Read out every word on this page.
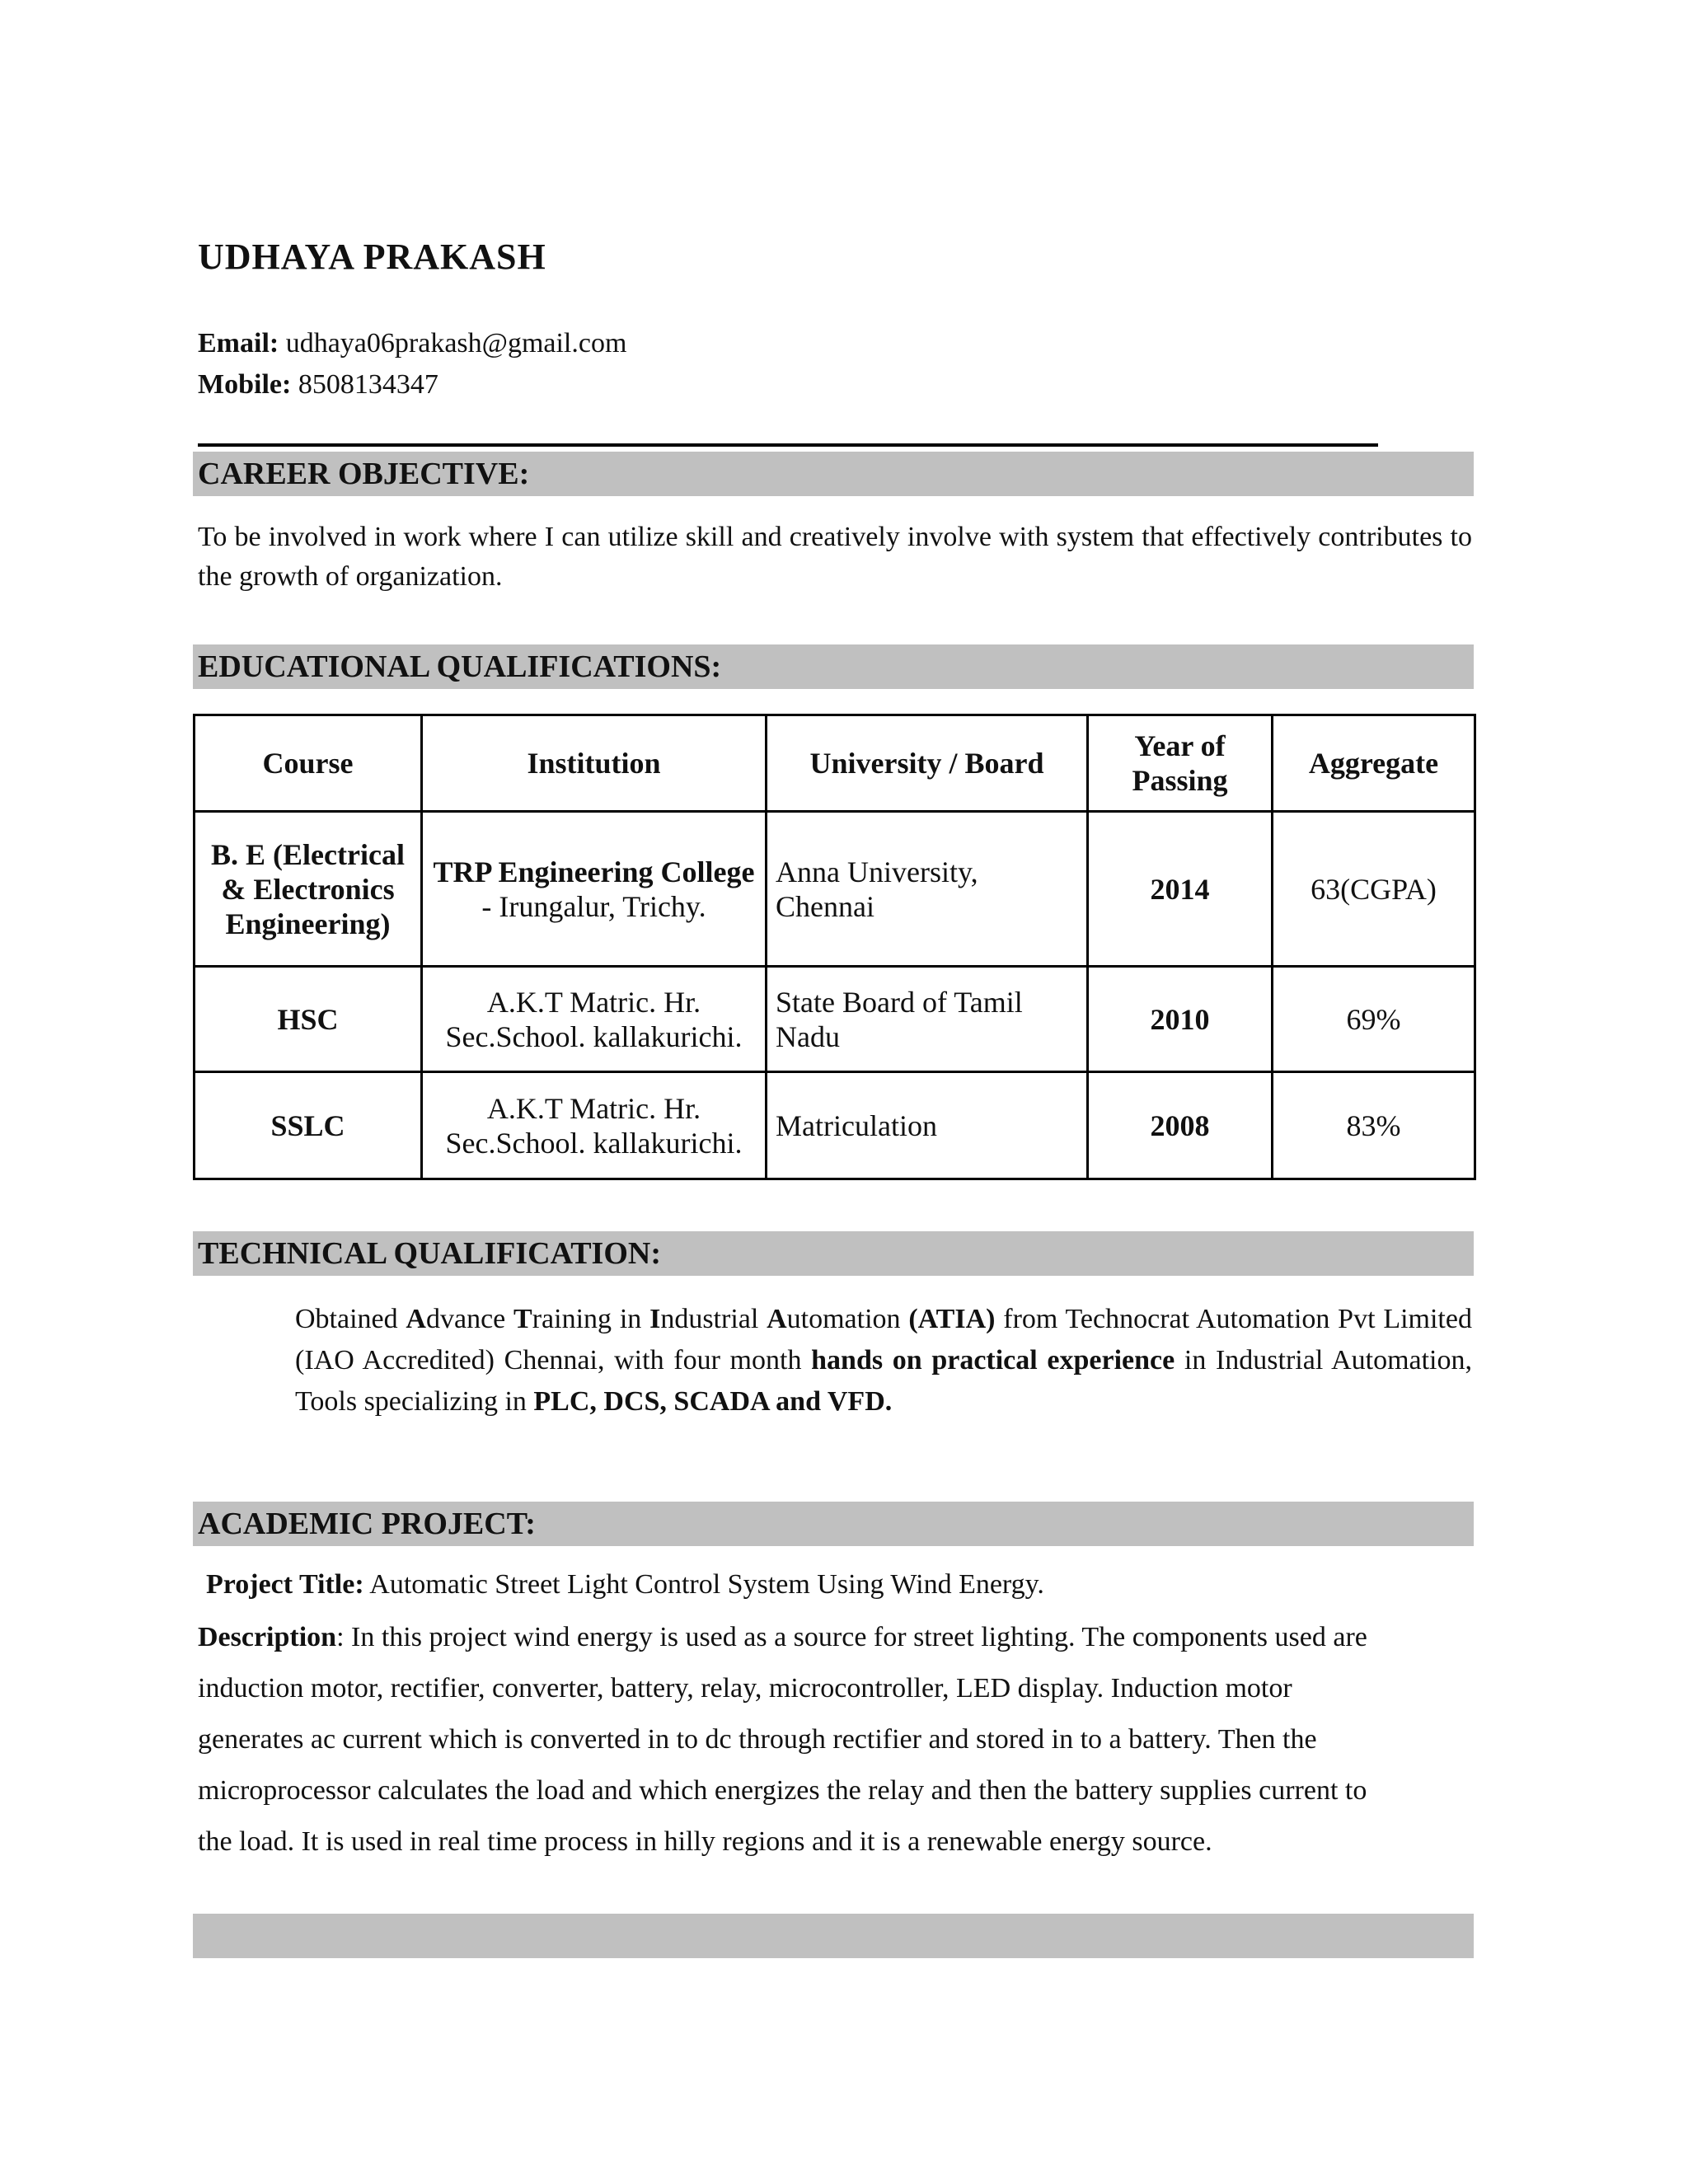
UDHAYA PRAKASH
Email: udhaya06prakash@gmail.com
Mobile: 8508134347
CAREER OBJECTIVE:
To be involved in work where I can utilize skill and creatively involve with system that effectively contributes to the growth of organization.
EDUCATIONAL QUALIFICATIONS:
Course	Institution	University / Board	Year of Passing	Aggregate
B. E (Electrical & Electronics Engineering)	TRP Engineering College - Irungalur, Trichy.	Anna University, Chennai	2014	63(CGPA)
HSC	A.K.T Matric. Hr. Sec.School. kallakurichi.	State Board of Tamil Nadu	2010	69%
SSLC	A.K.T Matric. Hr. Sec.School. kallakurichi.	Matriculation	2008	83%
TECHNICAL QUALIFICATION:
Obtained Advance Training in Industrial Automation (ATIA) from Technocrat Automation Pvt Limited (IAO Accredited) Chennai, with four month hands on practical experience in Industrial Automation, Tools specializing in PLC, DCS, SCADA and VFD.
ACADEMIC PROJECT:
Project Title: Automatic Street Light Control System Using Wind Energy.
Description: In this project wind energy is used as a source for street lighting. The components used are
induction motor, rectifier, converter, battery, relay, microcontroller, LED display. Induction motor
generates ac current which is converted in to dc through rectifier and stored in to a battery. Then the
microprocessor calculates the load and which energizes the relay and then the battery supplies current to
the load. It is used in real time process in hilly regions and it is a renewable energy source.
